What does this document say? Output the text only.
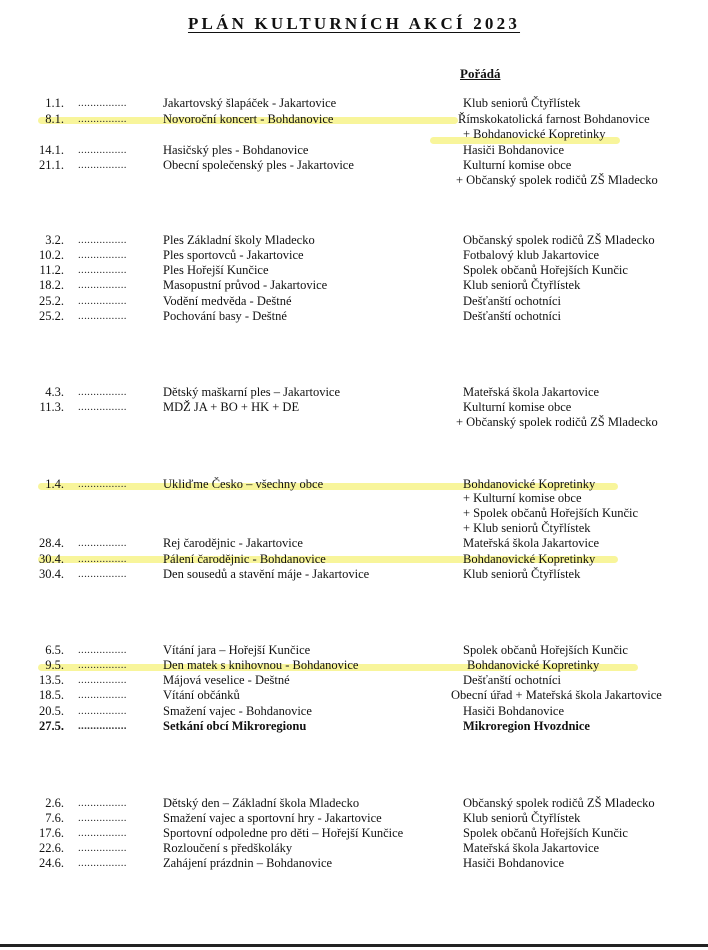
PLÁN KULTURNÍCH AKCÍ 2023
Pořádá
1.1. ................	Jakartovský šlapáček - Jakartovice	Klub seniorů Čtyřlístek
8.1. ................	Novoroční koncert - Bohdanovice	Římskokatolická farnost Bohdanovice
+ Bohdanovické Kopretinky
14.1. ................	Hasičský ples - Bohdanovice	Hasiči Bohdanovice
21.1. ................	Obecní společenský ples - Jakartovice	Kulturní komise obce
+ Občanský spolek rodičů ZŠ Mladecko
3.2. ................	Ples Základní školy Mladecko	Občanský spolek rodičů ZŠ Mladecko
10.2. ................	Ples sportovců - Jakartovice	Fotbalový klub Jakartovice
11.2. ................	Ples Hořejší Kunčice	Spolek občanů Hořejších Kunčic
18.2. ................	Masopustní průvod - Jakartovice	Klub seniorů Čtyřlístek
25.2. ................	Vodění medvěda - Deštné	Dešťanští ochotníci
25.2. ................	Pochování basy - Deštné	Dešťanští ochotníci
4.3. ................	Dětský maškarní ples – Jakartovice	Mateřská škola Jakartovice
11.3. ................	MDŽ JA + BO + HK + DE	Kulturní komise obce
+ Občanský spolek rodičů ZŠ Mladecko
1.4. ................	Ukliďme Česko – všechny obce	Bohdanovické Kopretinky
+ Kulturní komise obce
+ Spolek občanů Hořejších Kunčic
+ Klub seniorů Čtyřlístek
28.4. ................	Rej čarodějnic - Jakartovice	Mateřská škola Jakartovice
30.4. ................	Pálení čarodějnic - Bohdanovice	Bohdanovické Kopretinky
30.4. ................	Den sousedů a stavění máje - Jakartovice	Klub seniorů Čtyřlístek
6.5. ................	Vítání jara – Hořejší Kunčice	Spolek občanů Hořejších Kunčic
9.5. ................	Den matek s knihovnou - Bohdanovice	Bohdanovické Kopretinky
13.5. ................	Májová veselice - Deštné	Dešťanští ochotníci
18.5. ................	Vítání občánků	Obecní úřad + Mateřská škola Jakartovice
20.5. ................	Smažení vajec - Bohdanovice	Hasiči Bohdanovice
27.5. ................	Setkání obcí Mikroregionu	Mikroregion Hvozdnice
2.6. ................	Dětský den – Základní škola Mladecko	Občanský spolek rodičů ZŠ Mladecko
7.6. ................	Smažení vajec a sportovní hry - Jakartovice	Klub seniorů Čtyřlístek
17.6. ................	Sportovní odpoledne pro děti – Hořejší Kunčice	Spolek občanů Hořejších Kunčic
22.6. ................	Rozloučení s předškoláky	Mateřská škola Jakartovice
24.6. ................	Zahájení prázdnin – Bohdanovice	Hasiči Bohdanovice
